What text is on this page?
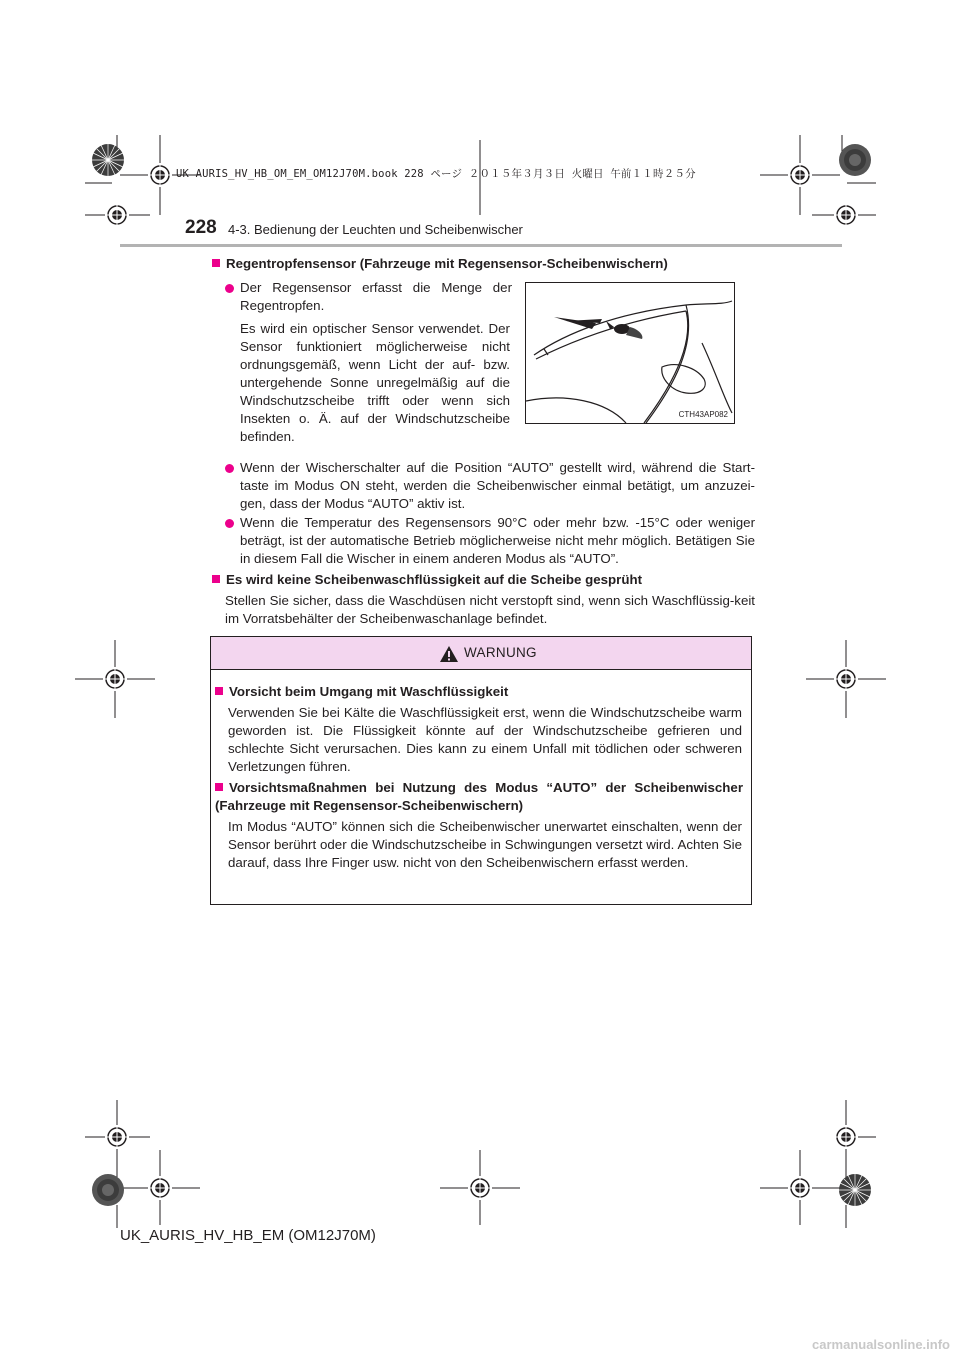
UK AURIS_HV_HB_OM_EM_OM12J70M.book 228 ページ ２０１５年３月３日 火曜日 午前１１時２５分
228 4-3. Bedienung der Leuchten und Scheibenwischer
Regentropfensensor (Fahrzeuge mit Regensensor-Scheibenwischern)
Der Regensensor erfasst die Menge der
Regentropfen.
Es wird ein optischer Sensor verwendet. Der
Sensor funktioniert möglicherweise nicht
ordnungsgemäß, wenn Licht der auf- bzw.
untergehende Sonne unregelmäßig auf die
Windschutzscheibe trifft oder wenn sich
Insekten o. Ä. auf der Windschutzscheibe
befinden.
CTH43AP082
Wenn der Wischerschalter auf die Position “AUTO” gestellt wird, während die Start-taste im Modus ON steht, werden die Scheibenwischer einmal betätigt, um anzuzei-gen, dass der Modus “AUTO” aktiv ist.
Wenn die Temperatur des Regensensors 90°C oder mehr bzw. -15°C oder weniger beträgt, ist der automatische Betrieb möglicherweise nicht mehr möglich. Betätigen Sie in diesem Fall die Wischer in einem anderen Modus als “AUTO”.
Es wird keine Scheibenwaschflüssigkeit auf die Scheibe gesprüht
Stellen Sie sicher, dass die Waschdüsen nicht verstopft sind, wenn sich Waschflüssig-keit im Vorratsbehälter der Scheibenwaschanlage befindet.
WARNUNG
Vorsicht beim Umgang mit Waschflüssigkeit
Verwenden Sie bei Kälte die Waschflüssigkeit erst, wenn die Windschutzscheibe warm geworden ist. Die Flüssigkeit könnte auf der Windschutzscheibe gefrieren und schlechte Sicht verursachen. Dies kann zu einem Unfall mit tödlichen oder schweren Verletzungen führen.
Vorsichtsmaßnahmen bei Nutzung des Modus “AUTO” der Scheibenwischer (Fahrzeuge mit Regensensor-Scheibenwischern)
Im Modus “AUTO” können sich die Scheibenwischer unerwartet einschalten, wenn der Sensor berührt oder die Windschutzscheibe in Schwingungen versetzt wird. Achten Sie darauf, dass Ihre Finger usw. nicht von den Scheibenwischern erfasst werden.
UK_AURIS_HV_HB_EM (OM12J70M)
carmanualsonline.info
